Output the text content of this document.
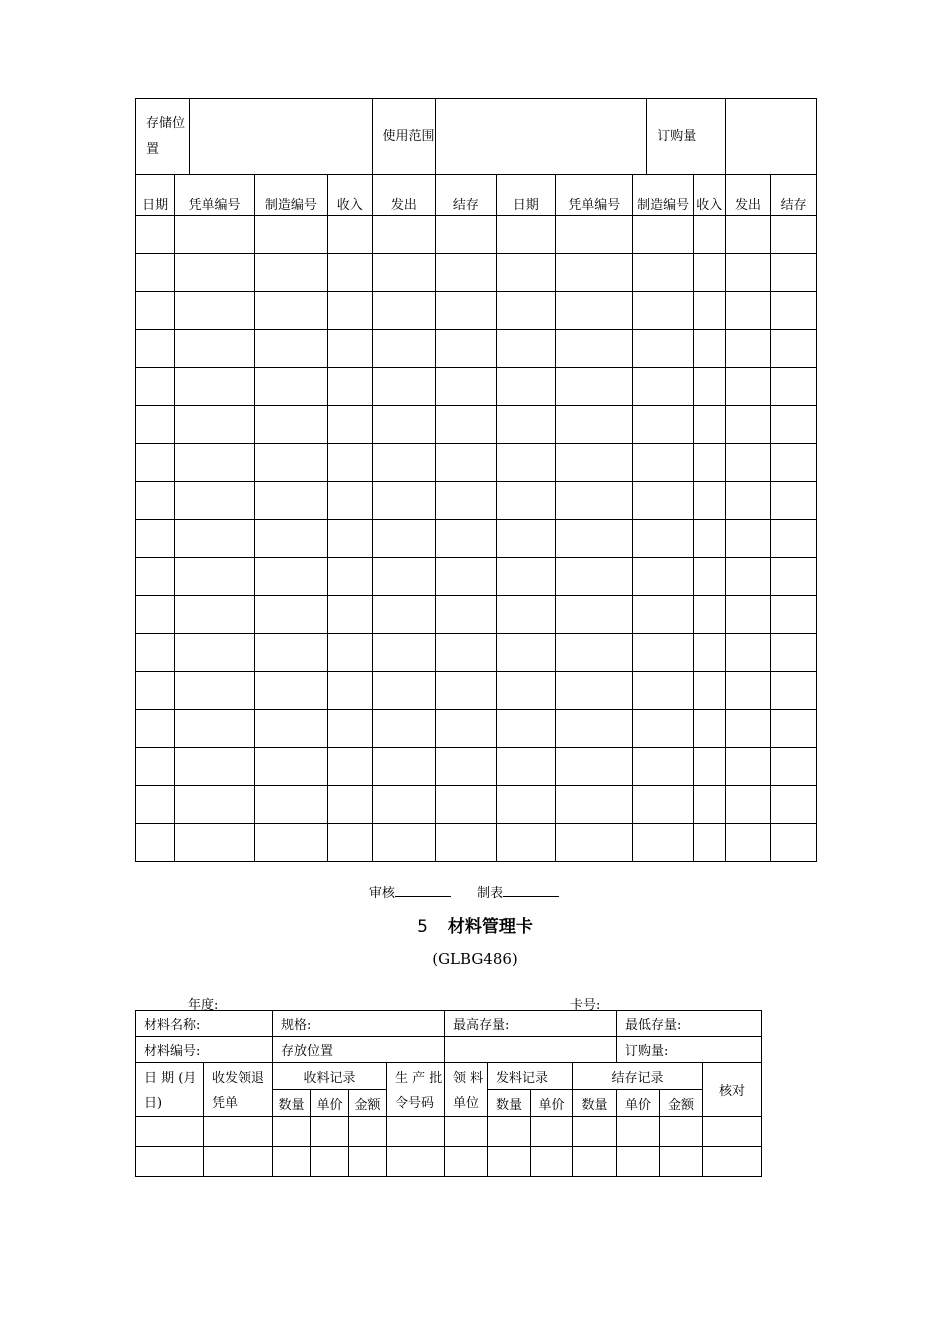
存储位置					使用范围					订购量			
日期	凭单编号		制造编号	收入	发出	结存	日期	凭单编号	制造编号		收入	发出	结存

审核	制表
5 材料管理卡
(GLBG486)
年度:	卡号:
材料名称:		规格:				最高存量:				最低存量:		
材料编号:		存放位置								订购量:		
日 期 (月日)	收发领退凭单	收料记录			生 产 批令号码	领 料单位	发料记录		结存记录			核对
		数量	单价	金额			数量	单价	数量	单价	金额	
